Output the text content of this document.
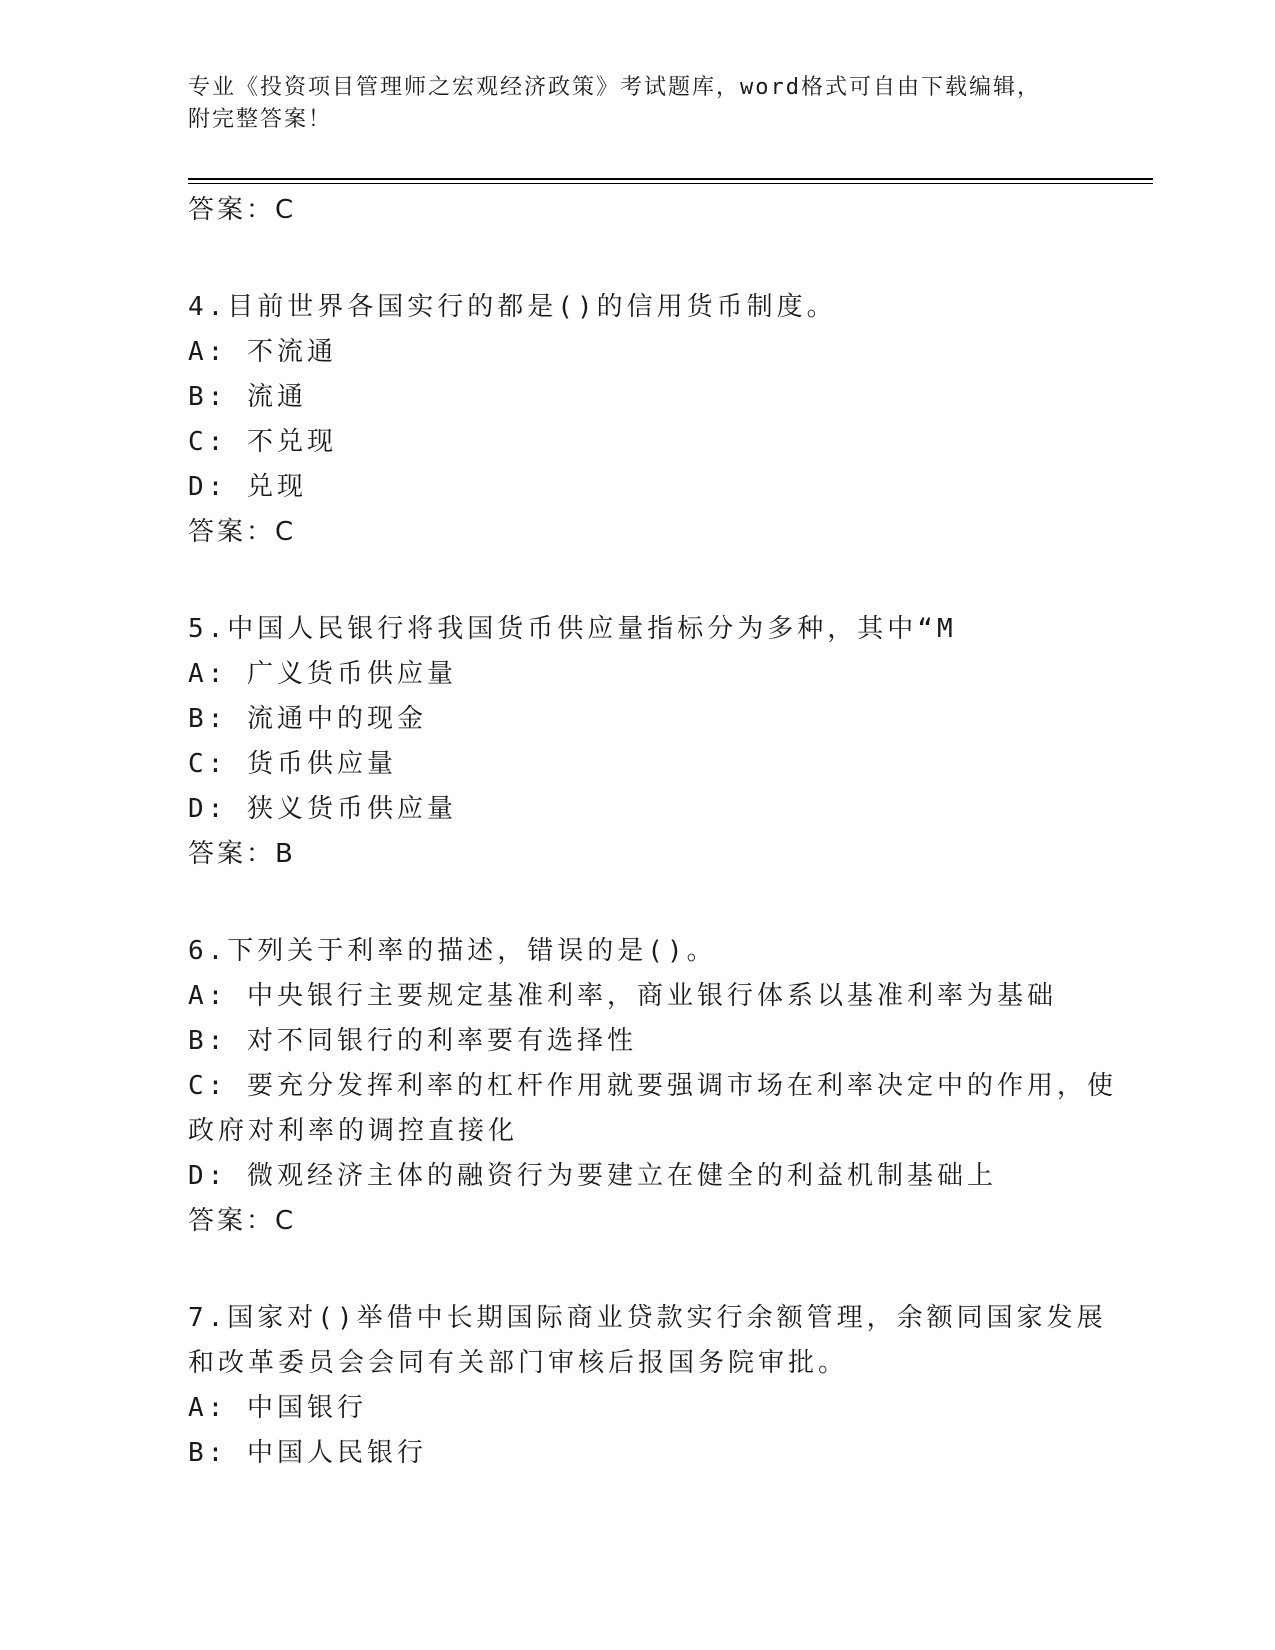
专业《投资项目管理师之宏观经济政策》考试题库，word格式可自由下载编辑，
附完整答案！
答案：C
4.目前世界各国实行的都是()的信用货币制度。
A: 不流通
B: 流通
C: 不兑现
D: 兑现
答案：C
5.中国人民银行将我国货币供应量指标分为多种，其中“M
A: 广义货币供应量
B: 流通中的现金
C: 货币供应量
D: 狭义货币供应量
答案：B
6.下列关于利率的描述，错误的是()。
A: 中央银行主要规定基准利率，商业银行体系以基准利率为基础
B: 对不同银行的利率要有选择性
C: 要充分发挥利率的杠杆作用就要强调市场在利率决定中的作用，使
政府对利率的调控直接化
D: 微观经济主体的融资行为要建立在健全的利益机制基础上
答案：C
7.国家对()举借中长期国际商业贷款实行余额管理，余额同国家发展
和改革委员会会同有关部门审核后报国务院审批。
A: 中国银行
B: 中国人民银行
